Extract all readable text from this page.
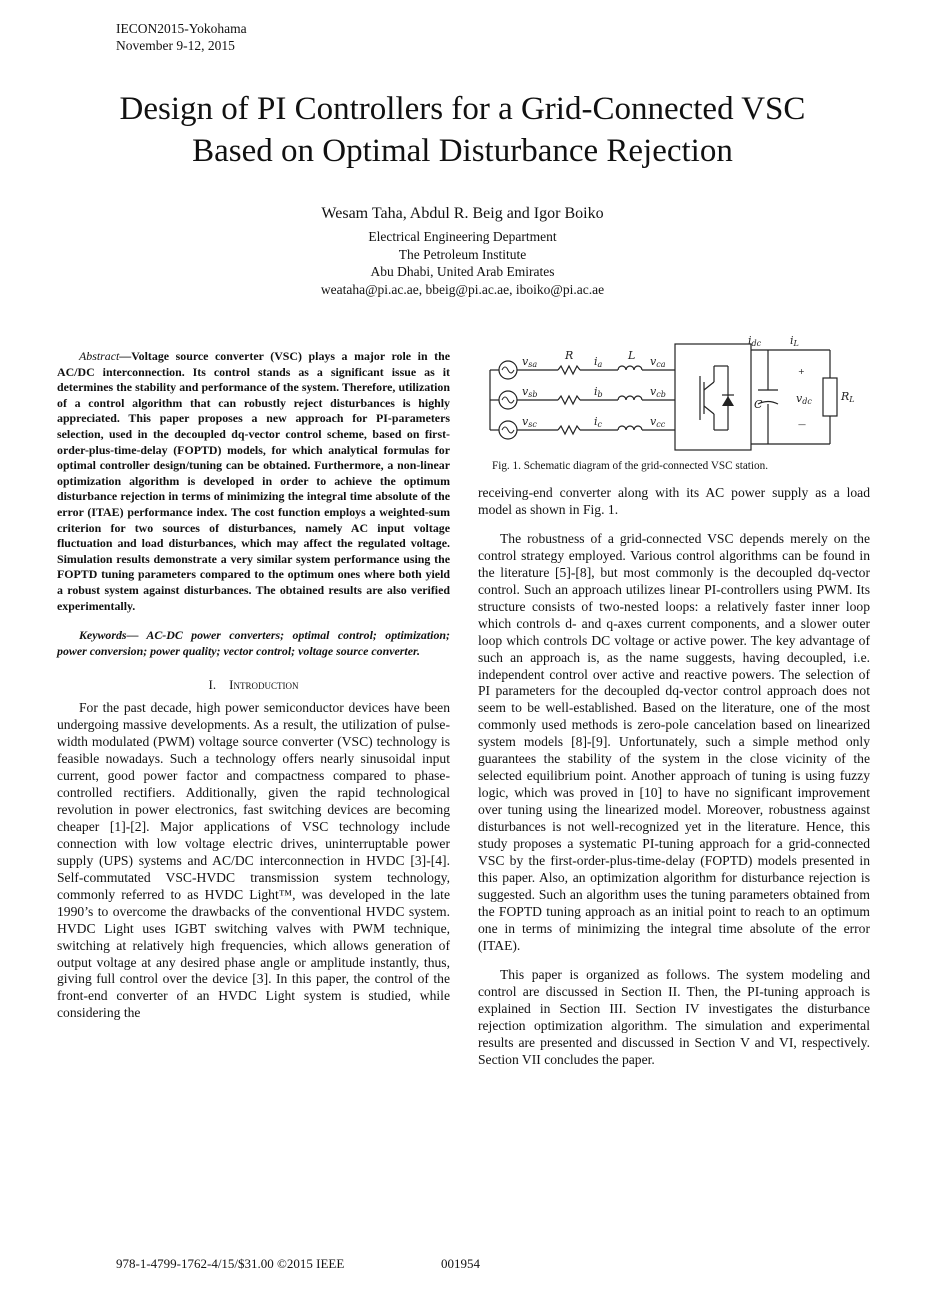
IECON2015-Yokohama
November 9-12, 2015
Design of PI Controllers for a Grid-Connected VSC
Based on Optimal Disturbance Rejection
Wesam Taha, Abdul R. Beig and Igor Boiko
Electrical Engineering Department
The Petroleum Institute
Abu Dhabi, United Arab Emirates
weataha@pi.ac.ae, bbeig@pi.ac.ae, iboiko@pi.ac.ae

Abstract—Voltage source converter (VSC) plays a major role in the AC/DC interconnection. Its control stands as a significant issue as it determines the stability and performance of the system. Therefore, utilization of a control algorithm that can robustly reject disturbances is highly appreciated. This paper proposes a new approach for PI-parameters selection, used in the decoupled dq-vector control scheme, based on first-order-plus-time-delay (FOPTD) models, for which analytical formulas for optimal controller design/tuning can be obtained. Furthermore, a non-linear optimization algorithm is developed in order to achieve the optimum disturbance rejection in terms of minimizing the integral time absolute of the error (ITAE) performance index. The cost function employs a weighted-sum criterion for two sources of disturbances, namely AC input voltage fluctuation and load disturbances, which may affect the regulated voltage. Simulation results demonstrate a very similar system performance using the FOPTD tuning parameters compared to the optimum ones where both yield a robust system against disturbances. The obtained results are also verified experimentally.

Keywords— AC-DC power converters; optimal control; optimization; power conversion; power quality; vector control; voltage source converter.

I. Introduction

For the past decade, high power semiconductor devices have been undergoing massive developments. As a result, the utilization of pulse-width modulated (PWM) voltage source converter (VSC) technology is feasible nowadays. Such a technology offers nearly sinusoidal input current, good power factor and compactness compared to phase-controlled rectifiers. Additionally, given the rapid technological revolution in power electronics, fast switching devices are becoming cheaper [1]-[2]. Major applications of VSC technology include connection with low voltage electric drives, uninterruptable power supply (UPS) systems and AC/DC interconnection in HVDC [3]-[4]. Self-commutated VSC-HVDC transmission system technology, commonly referred to as HVDC Light™, was developed in the late 1990’s to overcome the drawbacks of the conventional HVDC system. HVDC Light uses IGBT switching valves with PWM technique, switching at relatively high frequencies, which allows generation of output voltage at any desired phase angle or amplitude instantly, thus, giving full control over the device [3]. In this paper, the control of the front-end converter of an HVDC Light system is studied, while considering the

vsa
vsb
vsc
R	L
ia
ib
ic
vca
vcb
vcc
idc	iL
C	vdc	RL
+
—
Fig. 1. Schematic diagram of the grid-connected VSC station.

receiving-end converter along with its AC power supply as a load model as shown in Fig. 1.

The robustness of a grid-connected VSC depends merely on the control strategy employed. Various control algorithms can be found in the literature [5]-[8], but most commonly is the decoupled dq-vector control. Such an approach utilizes linear PI-controllers using PWM. Its structure consists of two-nested loops: a relatively faster inner loop which controls d- and q-axes current components, and a slower outer loop which controls DC voltage or active power. The key advantage of such an approach is, as the name suggests, having decoupled, i.e. independent control over active and reactive powers. The selection of PI parameters for the decoupled dq-vector control approach does not seem to be well-established. Based on the literature, one of the most commonly used methods is zero-pole cancelation based on linearized system models [8]-[9]. Unfortunately, such a simple method only guarantees the stability of the system in the close vicinity of the selected equilibrium point. Another approach of tuning is using fuzzy logic, which was proved in [10] to have no significant improvement over tuning using the linearized model. Moreover, robustness against disturbances is not well-recognized yet in the literature. Hence, this study proposes a systematic PI-tuning approach for a grid-connected VSC by the first-order-plus-time-delay (FOPTD) models presented in this paper. Also, an optimization algorithm for disturbance rejection is suggested. Such an algorithm uses the tuning parameters obtained from the FOPTD tuning approach as an initial point to reach to an optimum one in terms of minimizing the integral time absolute of the error (ITAE).

This paper is organized as follows. The system modeling and control are discussed in Section II. Then, the PI-tuning approach is explained in Section III. Section IV investigates the disturbance rejection optimization algorithm. The simulation and experimental results are presented and discussed in Section V and VI, respectively. Section VII concludes the paper.

978-1-4799-1762-4/15/$31.00 ©2015 IEEE	001954
